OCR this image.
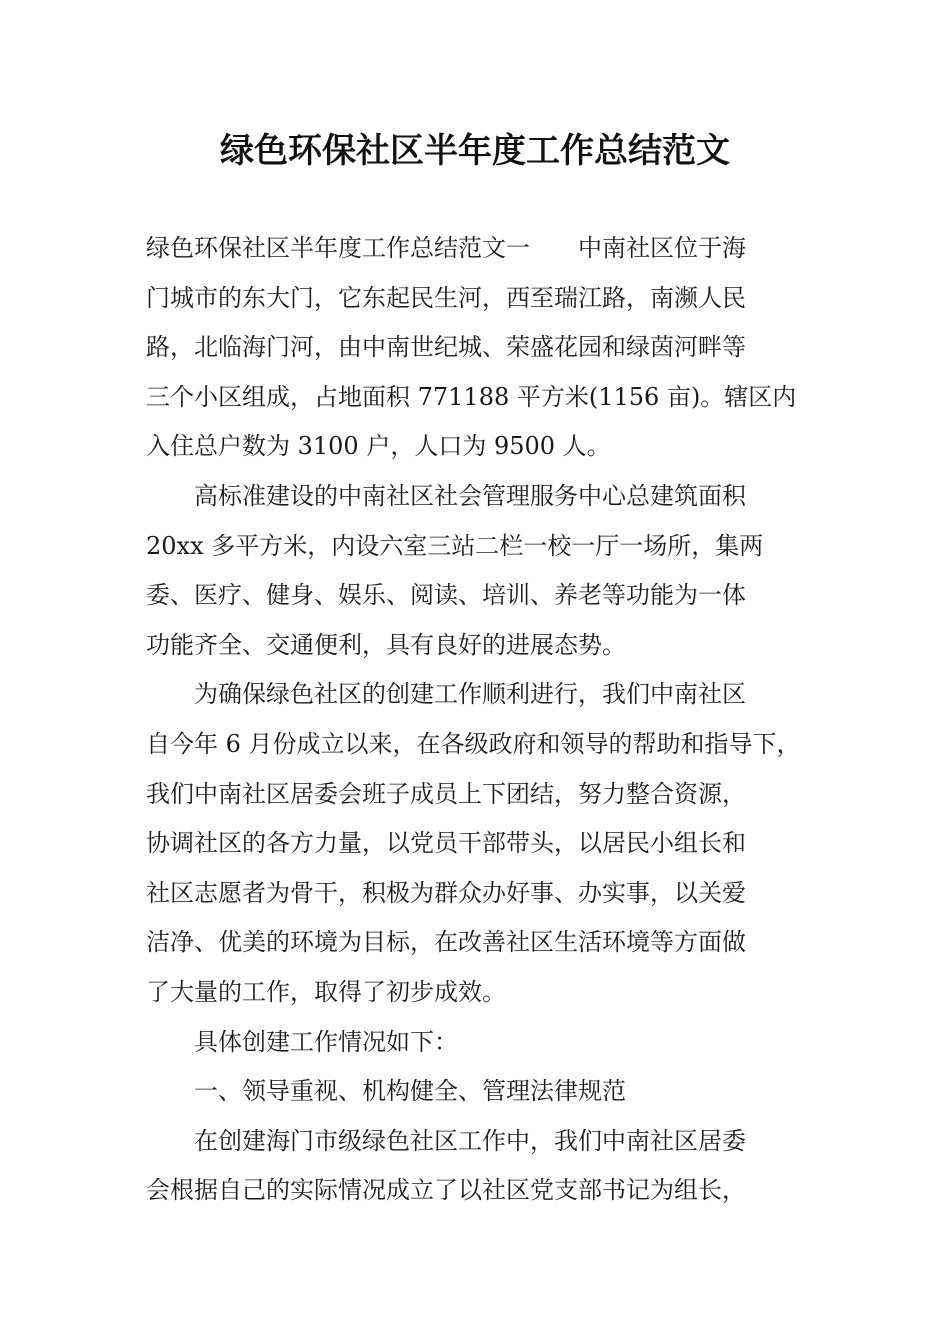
绿色环保社区半年度工作总结范文
绿色环保社区半年度工作总结范文一　　中南社区位于海
门城市的东大门，它东起民生河，西至瑞江路，南濒人民
路，北临海门河，由中南世纪城、荣盛花园和绿茵河畔等
三个小区组成，占地面积 771188 平方米(1156 亩)。辖区内
入住总户数为 3100 户，人口为 9500 人。
　　高标准建设的中南社区社会管理服务中心总建筑面积
20xx 多平方米，内设六室三站二栏一校一厅一场所，集两
委、医疗、健身、娱乐、阅读、培训、养老等功能为一体
功能齐全、交通便利，具有良好的进展态势。
　　为确保绿色社区的创建工作顺利进行，我们中南社区
自今年 6 月份成立以来，在各级政府和领导的帮助和指导下，
我们中南社区居委会班子成员上下团结，努力整合资源，
协调社区的各方力量，以党员干部带头，以居民小组长和
社区志愿者为骨干，积极为群众办好事、办实事，以关爱
洁净、优美的环境为目标，在改善社区生活环境等方面做
了大量的工作，取得了初步成效。
　　具体创建工作情况如下：
　　一、领导重视、机构健全、管理法律规范
　　在创建海门市级绿色社区工作中，我们中南社区居委
会根据自己的实际情况成立了以社区党支部书记为组长，
